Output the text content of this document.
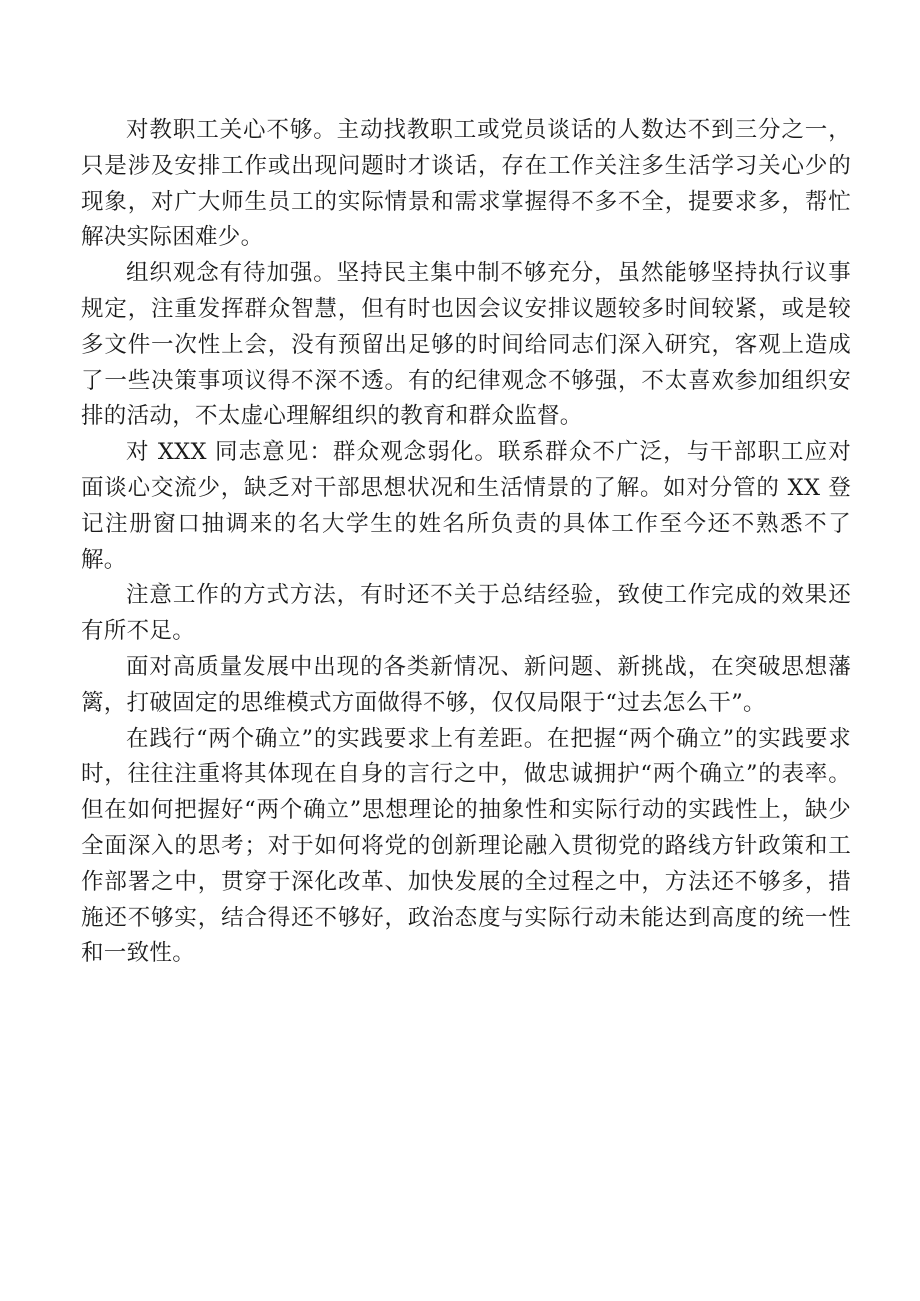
对教职工关心不够。主动找教职工或党员谈话的人数达不到三分之一，只是涉及安排工作或出现问题时才谈话，存在工作关注多生活学习关心少的现象，对广大师生员工的实际情景和需求掌握得不多不全，提要求多，帮忙解决实际困难少。

组织观念有待加强。坚持民主集中制不够充分，虽然能够坚持执行议事规定，注重发挥群众智慧，但有时也因会议安排议题较多时间较紧，或是较多文件一次性上会，没有预留出足够的时间给同志们深入研究，客观上造成了一些决策事项议得不深不透。有的纪律观念不够强，不太喜欢参加组织安排的活动，不太虚心理解组织的教育和群众监督。

对 XXX 同志意见：群众观念弱化。联系群众不广泛，与干部职工应对面谈心交流少，缺乏对干部思想状况和生活情景的了解。如对分管的 XX 登记注册窗口抽调来的名大学生的姓名所负责的具体工作至今还不熟悉不了解。

注意工作的方式方法，有时还不关于总结经验，致使工作完成的效果还有所不足。

面对高质量发展中出现的各类新情况、新问题、新挑战，在突破思想藩篱，打破固定的思维模式方面做得不够，仅仅局限于“过去怎么干”。

在践行“两个确立”的实践要求上有差距。在把握“两个确立”的实践要求时，往往注重将其体现在自身的言行之中，做忠诚拥护“两个确立”的表率。但在如何把握好“两个确立”思想理论的抽象性和实际行动的实践性上，缺少全面深入的思考；对于如何将党的创新理论融入贯彻党的路线方针政策和工作部署之中，贯穿于深化改革、加快发展的全过程之中，方法还不够多，措施还不够实，结合得还不够好，政治态度与实际行动未能达到高度的统一性和一致性。
